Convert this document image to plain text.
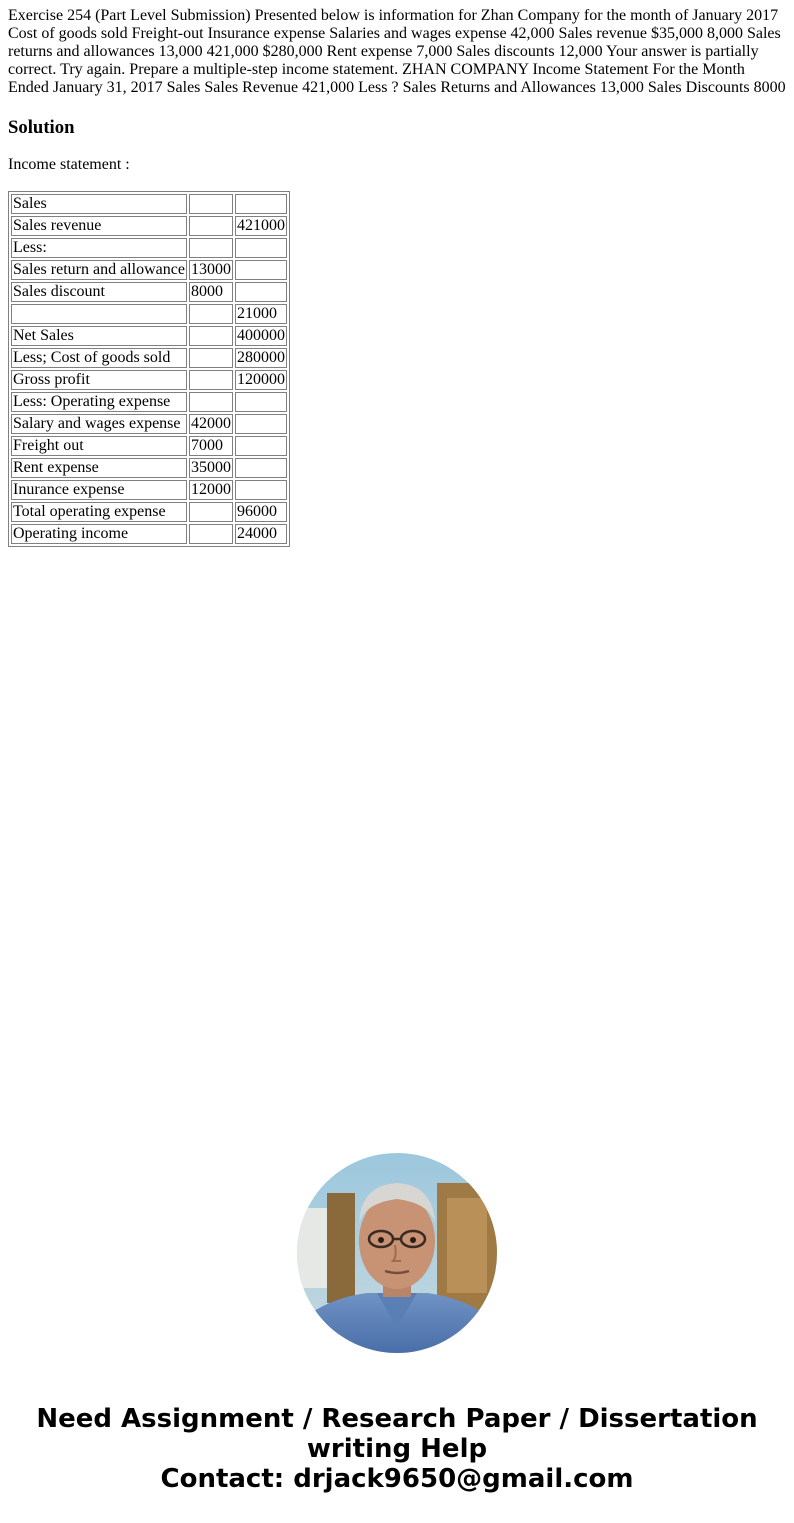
Exercise 254 (Part Level Submission) Presented below is information for Zhan Company for the month of January 2017 Cost of goods sold Freight-out Insurance expense Salaries and wages expense 42,000 Sales revenue $35,000 8,000 Sales returns and allowances 13,000 421,000 $280,000 Rent expense 7,000 Sales discounts 12,000 Your answer is partially correct. Try again. Prepare a multiple-step income statement. ZHAN COMPANY Income Statement For the Month Ended January 31, 2017 Sales Sales Revenue 421,000 Less ? Sales Returns and Allowances 13,000 Sales Discounts 8000

Solution

Income statement :

Sales		
Sales revenue		421000
Less:		
Sales return and allowance	13000	
Sales discount	8000	
		21000
Net Sales		400000
Less; Cost of goods sold		280000
Gross profit		120000
Less: Operating expense		
Salary and wages expense	42000	
Freight out	7000	
Rent expense	35000	
Inurance expense	12000	
Total operating expense		96000
Operating income		24000
Need Assignment / Research Paper / Dissertation
writing Help
Contact: drjack9650@gmail.com
